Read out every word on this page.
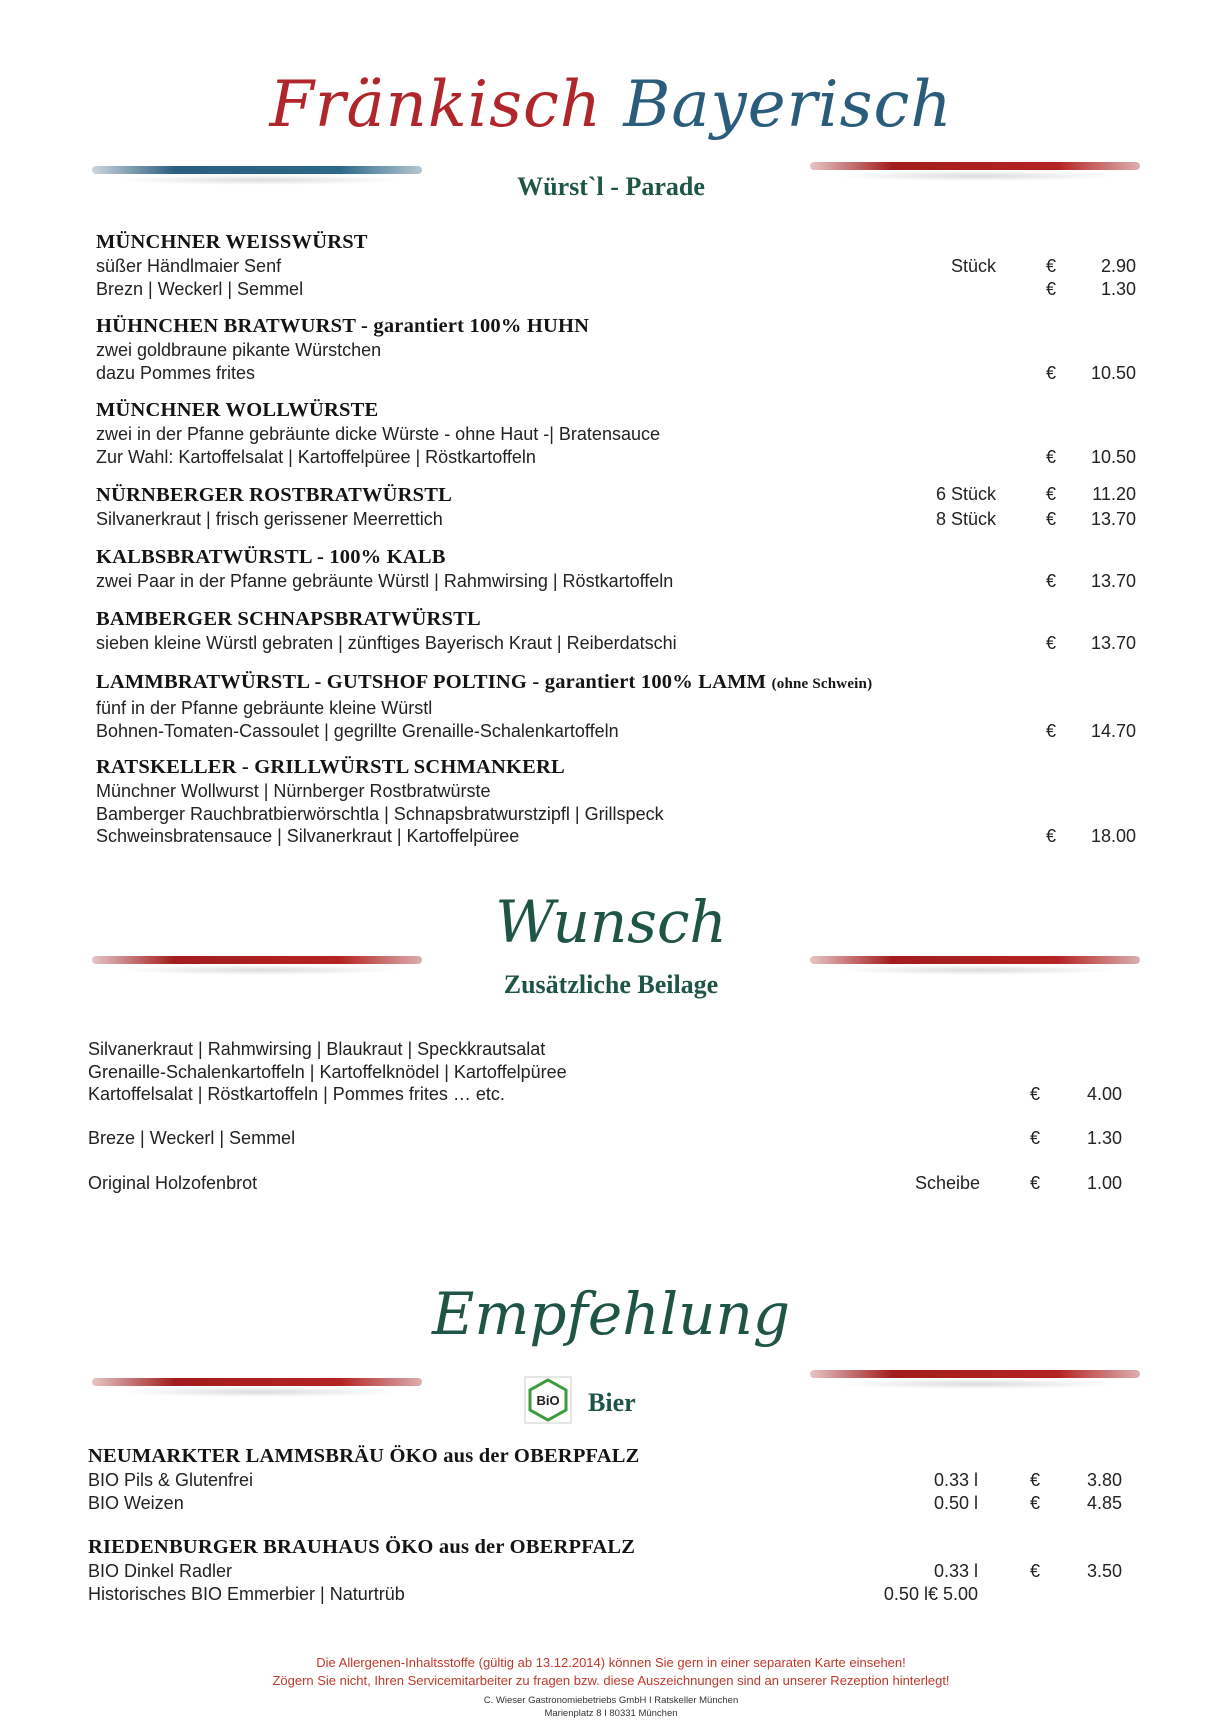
Fränkisch Bayerisch
Würst`l - Parade
MÜNCHNER WEISSWÜRST
süßer Händlmaier Senf	Stück	€ 2.90
Brezn | Weckerl | Semmel	€ 1.30
HÜHNCHEN BRATWURST - garantiert 100% HUHN
zwei goldbraune pikante Würstchen
dazu Pommes frites	€ 10.50
MÜNCHNER WOLLWÜRSTE
zwei in der Pfanne gebräunte dicke Würste - ohne Haut -| Bratensauce
Zur Wahl: Kartoffelsalat | Kartoffelpüree | Röstkartoffeln	€ 10.50
NÜRNBERGER ROSTBRATWÜRSTL	6 Stück	€ 11.20
Silvanerkraut | frisch gerissener Meerrettich	8 Stück	€ 13.70
KALBSBRATWÜRSTL - 100% KALB
zwei Paar in der Pfanne gebräunte Würstl | Rahmwirsing | Röstkartoffeln	€ 13.70
BAMBERGER SCHNAPSBRATWÜRSTL
sieben kleine Würstl gebraten | zünftiges Bayerisch Kraut | Reiberdatschi	€ 13.70
LAMMBRATWÜRSTL - GUTSHOF POLTING - garantiert 100% LAMM (ohne Schwein)
fünf in der Pfanne gebräunte kleine Würstl
Bohnen-Tomaten-Cassoulet | gegrillte Grenaille-Schalenkartoffeln	€ 14.70
RATSKELLER - GRILLWÜRSTL SCHMANKERL
Münchner Wollwurst | Nürnberger Rostbratwürste
Bamberger Rauchbratbierwörschtla | Schnapsbratwurstzipfl | Grillspeck
Schweinsbratensauce | Silvanerkraut | Kartoffelpüree	€ 18.00
Wunsch
Zusätzliche Beilage
Silvanerkraut | Rahmwirsing | Blaukraut | Speckkrautsalat
Grenaille-Schalenkartoffeln | Kartoffelknödel | Kartoffelpüree
Kartoffelsalat | Röstkartoffeln | Pommes frites … etc.	€	4.00
Breze | Weckerl | Semmel	€	1.30
Original Holzofenbrot	Scheibe	€	1.00
Empfehlung
BiO Bier
NEUMARKTER LAMMSBRÄU ÖKO aus der OBERPFALZ
BIO Pils & Glutenfrei	0.33 l	€	3.80
BIO Weizen	0.50 l	€	4.85
RIEDENBURGER BRAUHAUS ÖKO aus der OBERPFALZ
BIO Dinkel Radler	0.33 l	€	3.50
Historisches BIO Emmerbier | Naturtrüb	0.50 l€ 5.00
Die Allergenen-Inhaltsstoffe (gültig ab 13.12.2014) können Sie gern in einer separaten Karte einsehen!
Zögern Sie nicht, Ihren Servicemitarbeiter zu fragen bzw. diese Auszeichnungen sind an unserer Rezeption hinterlegt!
C. Wieser Gastronomiebetriebs GmbH I Ratskeller München
Marienplatz 8 I 80331 München
